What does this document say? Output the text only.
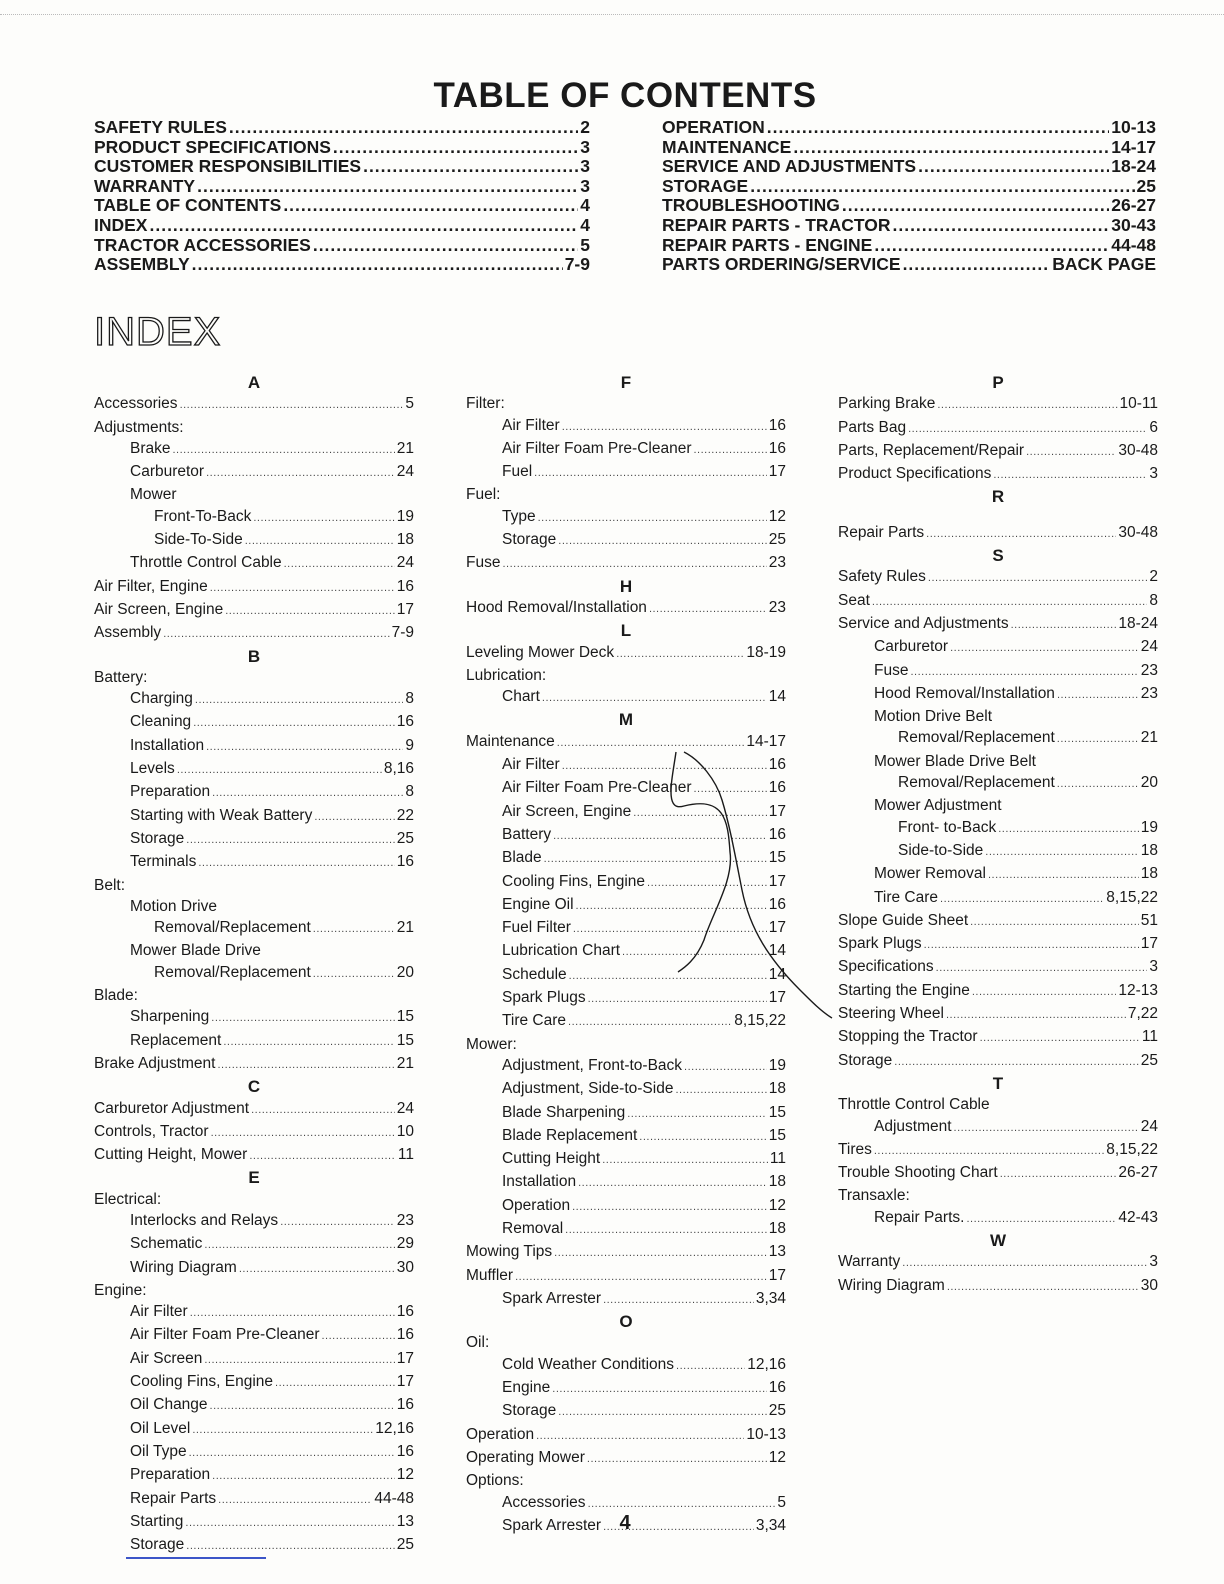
TABLE OF CONTENTS
SAFETY RULES .....	2
PRODUCT SPECIFICATIONS .....	3
CUSTOMER RESPONSIBILITIES .....	3
WARRANTY .....	3
TABLE OF CONTENTS .....	4
INDEX .....	4
TRACTOR ACCESSORIES .....	5
ASSEMBLY .....	7-9
OPERATION .....	10-13
MAINTENANCE .....	14-17
SERVICE AND ADJUSTMENTS .....	18-24
STORAGE .....	25
TROUBLESHOOTING .....	26-27
REPAIR PARTS - TRACTOR .....	30-43
REPAIR PARTS - ENGINE .....	44-48
PARTS ORDERING/SERVICE .....	BACK PAGE
INDEX
A
Accessories .....	5
Adjustments:
Brake .....	21
Carburetor .....	24
Mower
Front-To-Back .....	19
Side-To-Side .....	18
Throttle Control Cable .....	24
Air Filter, Engine .....	16
Air Screen, Engine .....	17
Assembly .....	7-9
B
Battery:
Charging .....	8
Cleaning .....	16
Installation .....	9
Levels .....	8,16
Preparation .....	8
Starting with Weak Battery .....	22
Storage .....	25
Terminals .....	16
Belt:
Motion Drive
Removal/Replacement .....	21
Mower Blade Drive
Removal/Replacement .....	20
Blade:
Sharpening .....	15
Replacement .....	15
Brake Adjustment .....	21
C
Carburetor Adjustment .....	24
Controls, Tractor .....	10
Cutting Height, Mower .....	11
E
Electrical:
Interlocks and Relays .....	23
Schematic .....	29
Wiring Diagram .....	30
Engine:
Air Filter .....	16
Air Filter Foam Pre-Cleaner .....	16
Air Screen .....	17
Cooling Fins, Engine .....	17
Oil Change .....	16
Oil Level .....	12,16
Oil Type .....	16
Preparation .....	12
Repair Parts .....	44-48
Starting .....	13
Storage .....	25
F
Filter:
Air Filter .....	16
Air Filter Foam Pre-Cleaner .....	16
Fuel .....	17
Fuel:
Type .....	12
Storage .....	25
Fuse .....	23
H
Hood Removal/Installation .....	23
L
Leveling Mower Deck .....	18-19
Lubrication:
Chart .....	14
M
Maintenance .....	14-17
Air Filter .....	16
Air Filter Foam Pre-Cleaner .....	16
Air Screen, Engine .....	17
Battery .....	16
Blade .....	15
Cooling Fins, Engine .....	17
Engine Oil .....	16
Fuel Filter .....	17
Lubrication Chart .....	14
Schedule .....	14
Spark Plugs .....	17
Tire Care .....	8,15,22
Mower:
Adjustment, Front-to-Back .....	19
Adjustment, Side-to-Side .....	18
Blade Sharpening .....	15
Blade Replacement .....	15
Cutting Height .....	11
Installation .....	18
Operation .....	12
Removal .....	18
Mowing Tips .....	13
Muffler .....	17
Spark Arrester .....	3,34
O
Oil:
Cold Weather Conditions .....	12,16
Engine .....	16
Storage .....	25
Operation .....	10-13
Operating Mower .....	12
Options:
Accessories .....	5
Spark Arrester .....	3,34
P
Parking Brake .....	10-11
Parts Bag .....	6
Parts, Replacement/Repair .....	30-48
Product Specifications .....	3
R
Repair Parts .....	30-48
S
Safety Rules .....	2
Seat .....	8
Service and Adjustments .....	18-24
Carburetor .....	24
Fuse .....	23
Hood Removal/Installation .....	23
Motion Drive Belt
Removal/Replacement .....	21
Mower Blade Drive Belt
Removal/Replacement .....	20
Mower Adjustment
Front- to-Back .....	19
Side-to-Side .....	18
Mower Removal .....	18
Tire Care .....	8,15,22
Slope Guide Sheet .....	51
Spark Plugs .....	17
Specifications .....	3
Starting the Engine .....	12-13
Steering Wheel .....	7,22
Stopping the Tractor .....	11
Storage .....	25
T
Throttle Control Cable
Adjustment .....	24
Tires .....	8,15,22
Trouble Shooting Chart .....	26-27
Transaxle:
Repair Parts. .....	42-43
W
Warranty .....	3
Wiring Diagram .....	30

4
